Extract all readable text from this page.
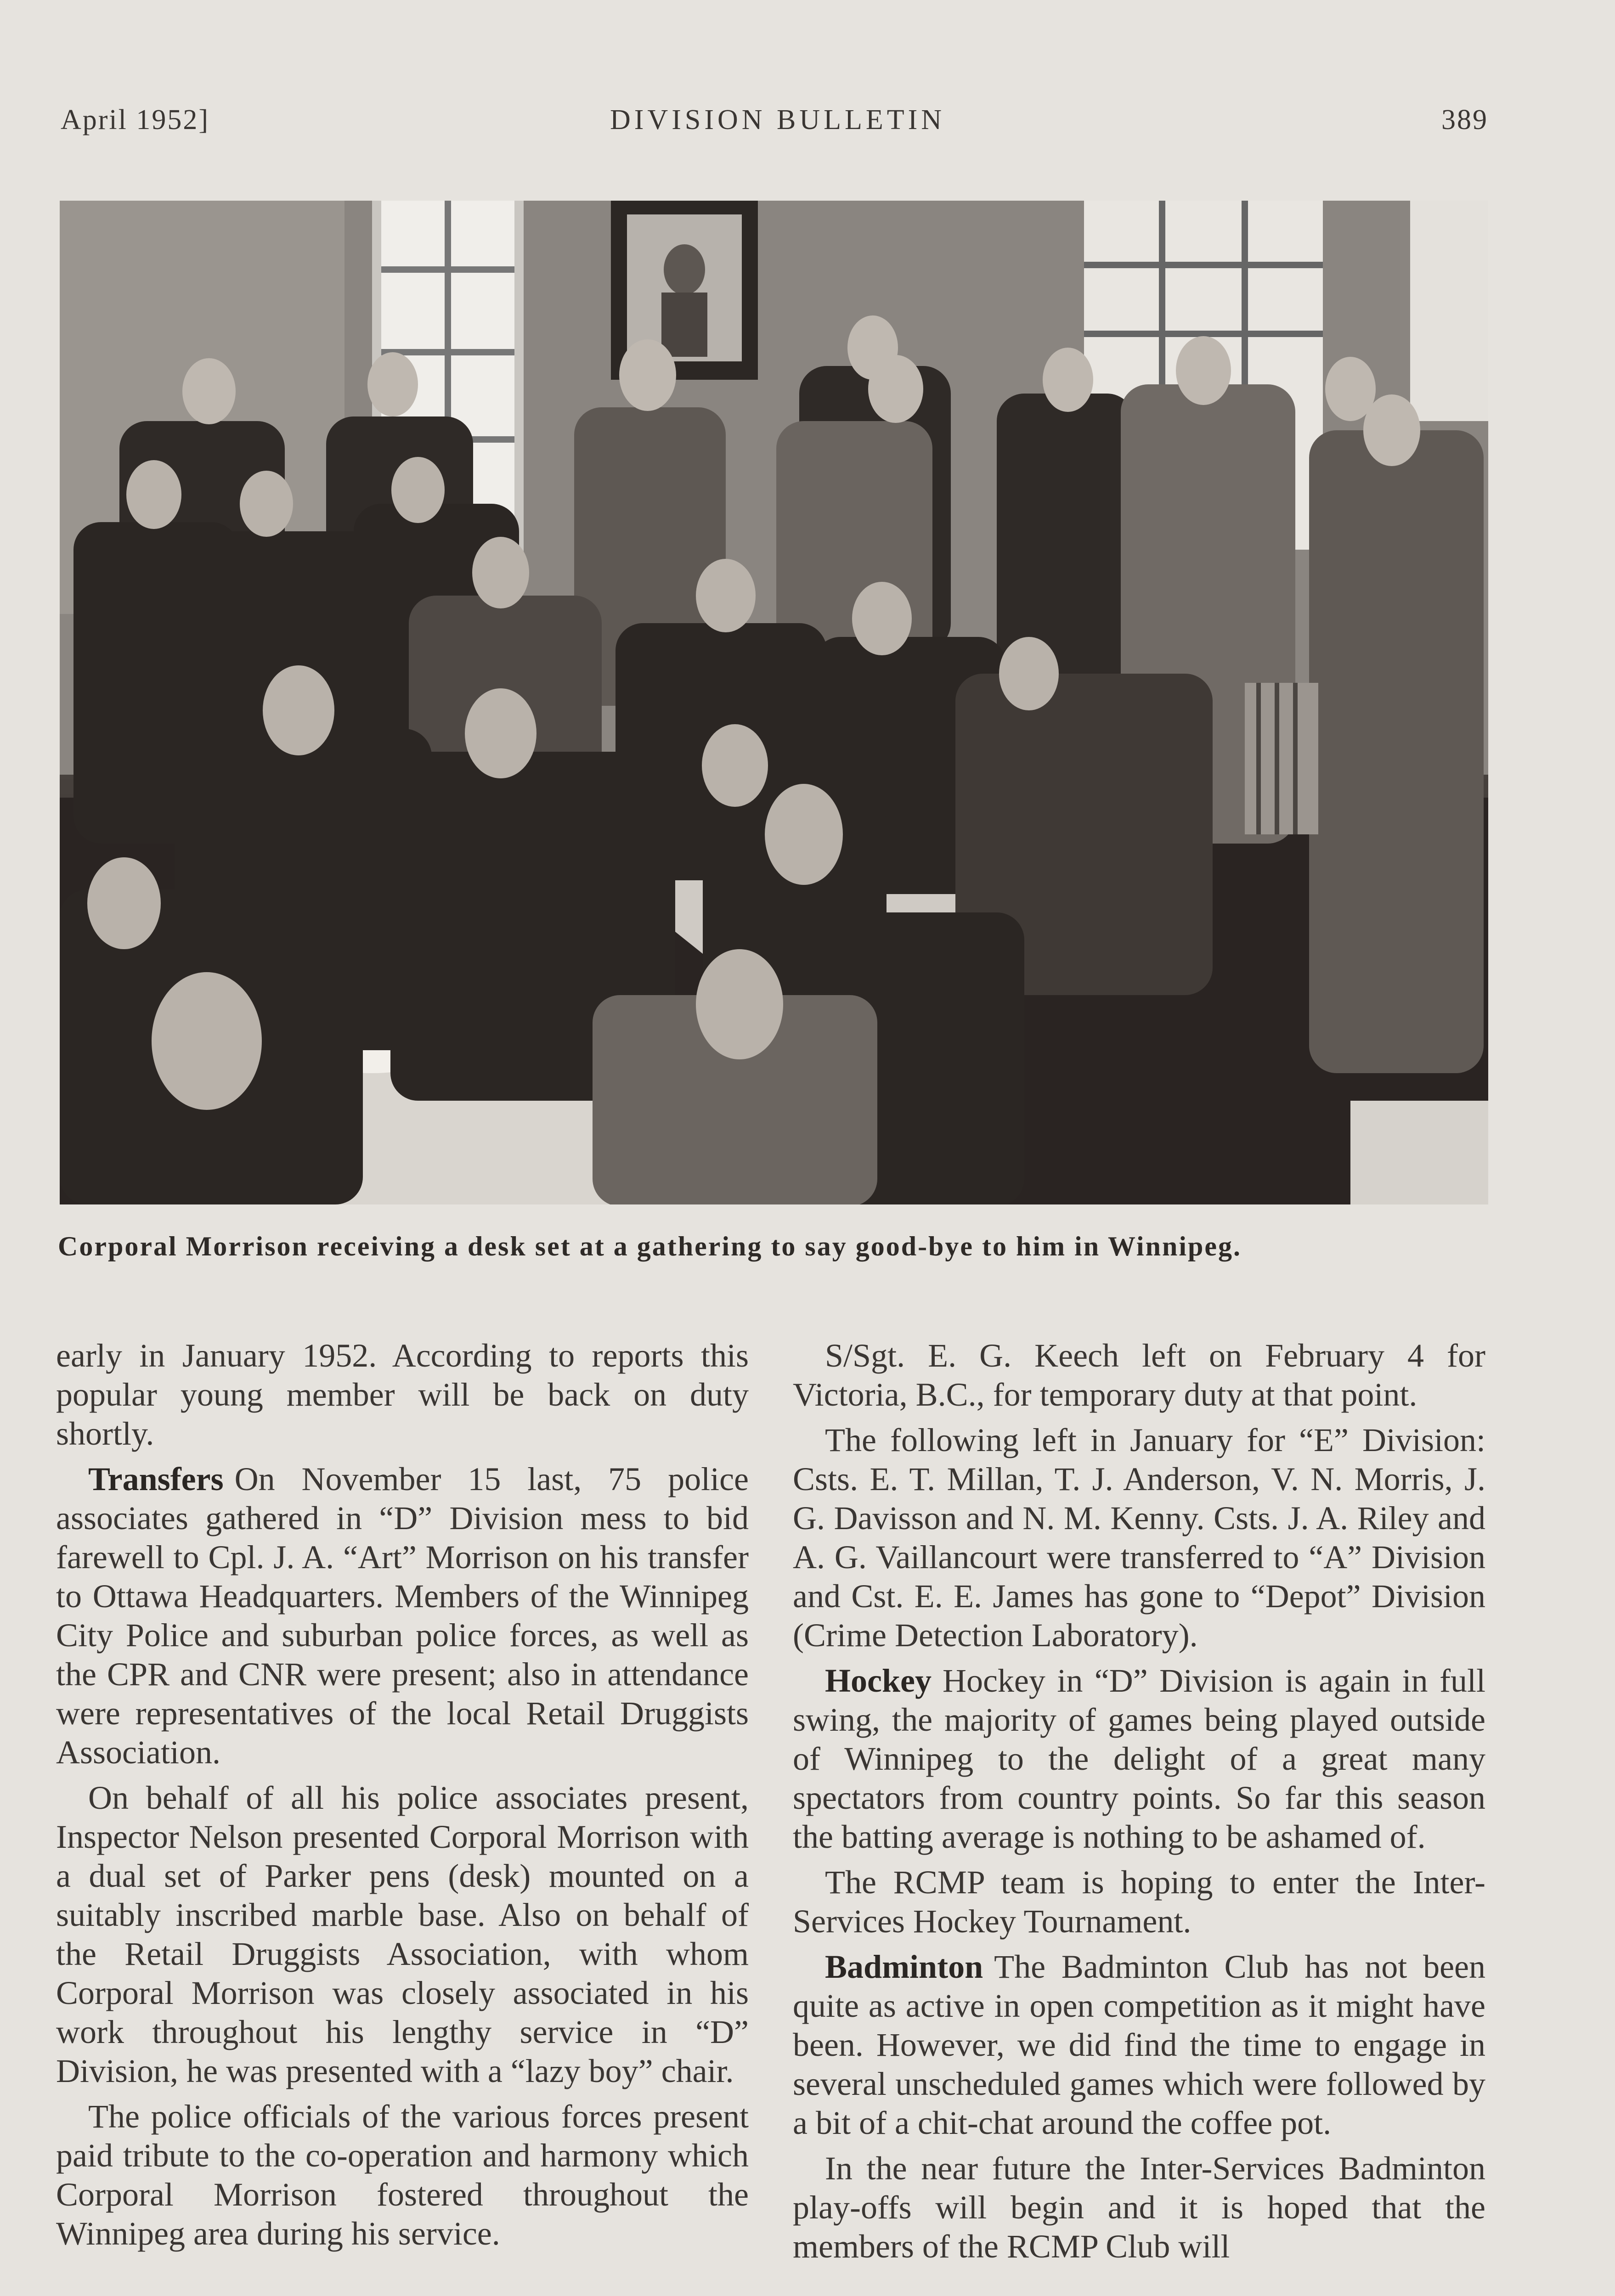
April 1952]	DIVISION BULLETIN	389
Corporal Morrison receiving a desk set at a gathering to say good-bye to him in Winnipeg.

early in January 1952. According to reports this popular young member will be back on duty shortly.

Transfers On November 15 last, 75 police associates gathered in “D” Division mess to bid farewell to Cpl. J. A. “Art” Morrison on his transfer to Ottawa Headquarters. Members of the Winnipeg City Police and suburban police forces, as well as the CPR and CNR were present; also in attendance were representatives of the local Retail Druggists Association.

On behalf of all his police associates present, Inspector Nelson presented Corporal Morrison with a dual set of Parker pens (desk) mounted on a suitably inscribed marble base. Also on behalf of the Retail Druggists Association, with whom Corporal Morrison was closely associated in his work throughout his lengthy service in “D” Division, he was presented with a “lazy boy” chair.

The police officials of the various forces present paid tribute to the co-operation and harmony which Corporal Morrison fostered throughout the Winnipeg area during his service.

S/Sgt. E. G. Keech left on February 4 for Victoria, B.C., for temporary duty at that point.

The following left in January for “E” Division: Csts. E. T. Millan, T. J. Anderson, V. N. Morris, J. G. Davisson and N. M. Kenny. Csts. J. A. Riley and A. G. Vaillancourt were transferred to “A” Division and Cst. E. E. James has gone to “Depot” Division (Crime Detection Laboratory).

Hockey Hockey in “D” Division is again in full swing, the majority of games being played outside of Winnipeg to the delight of a great many spectators from country points. So far this season the batting average is nothing to be ashamed of.

The RCMP team is hoping to enter the Inter-Services Hockey Tournament.

Badminton The Badminton Club has not been quite as active in open competition as it might have been. However, we did find the time to engage in several unscheduled games which were followed by a bit of a chit-chat around the coffee pot.

In the near future the Inter-Services Badminton play-offs will begin and it is hoped that the members of the RCMP Club will
